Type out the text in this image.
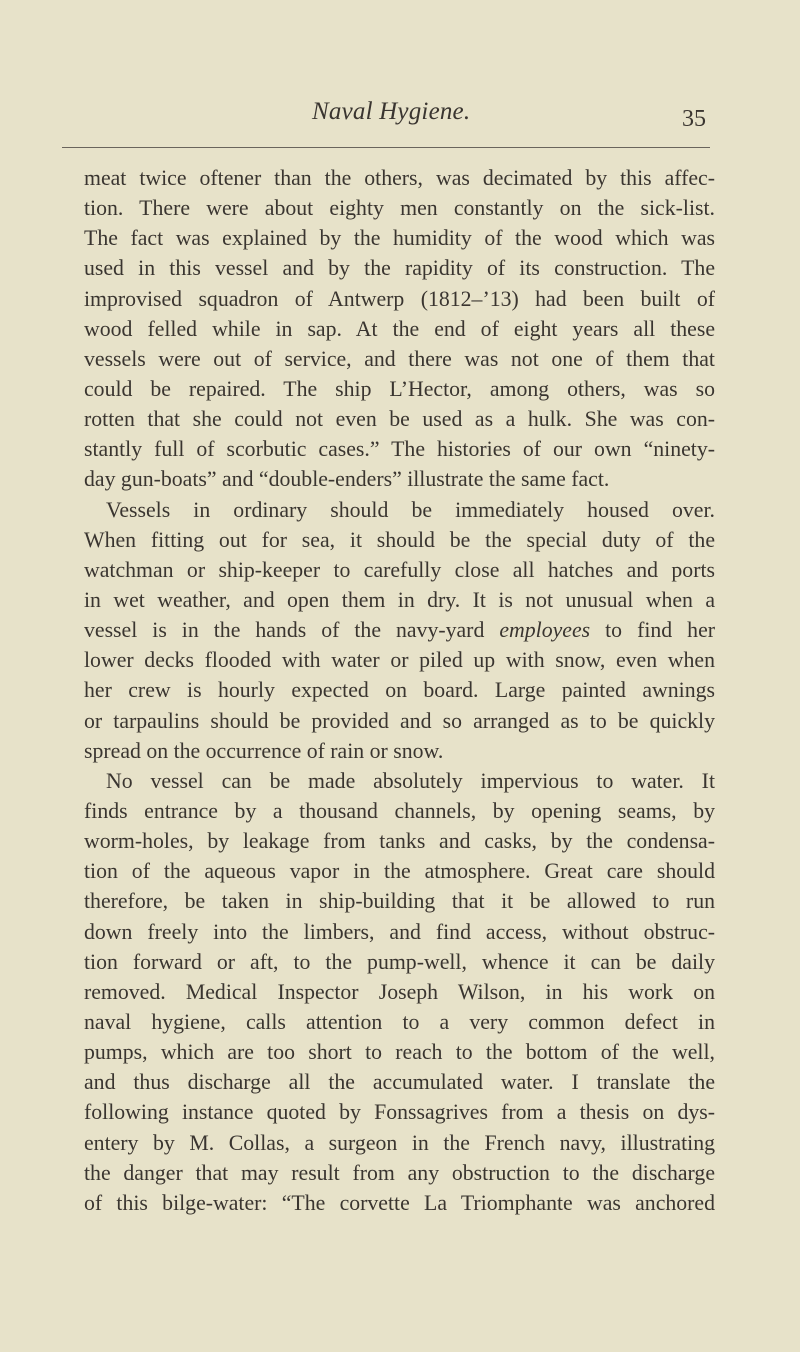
Naval Hygiene.	35
meat twice oftener than the others, was decimated by this affec-
tion. There were about eighty men constantly on the sick-list.
The fact was explained by the humidity of the wood which was
used in this vessel and by the rapidity of its construction. The
improvised squadron of Antwerp (1812–’13) had been built of
wood felled while in sap. At the end of eight years all these
vessels were out of service, and there was not one of them that
could be repaired. The ship L’Hector, among others, was so
rotten that she could not even be used as a hulk. She was con-
stantly full of scorbutic cases.” The histories of our own “ninety-
day gun-boats” and “double-enders” illustrate the same fact.
Vessels in ordinary should be immediately housed over.
When fitting out for sea, it should be the special duty of the
watchman or ship-keeper to carefully close all hatches and ports
in wet weather, and open them in dry. It is not unusual when a
vessel is in the hands of the navy-yard employees to find her
lower decks flooded with water or piled up with snow, even when
her crew is hourly expected on board. Large painted awnings
or tarpaulins should be provided and so arranged as to be quickly
spread on the occurrence of rain or snow.
No vessel can be made absolutely impervious to water. It
finds entrance by a thousand channels, by opening seams, by
worm-holes, by leakage from tanks and casks, by the condensa-
tion of the aqueous vapor in the atmosphere. Great care should
therefore, be taken in ship-building that it be allowed to run
down freely into the limbers, and find access, without obstruc-
tion forward or aft, to the pump-well, whence it can be daily
removed. Medical Inspector Joseph Wilson, in his work on
naval hygiene, calls attention to a very common defect in
pumps, which are too short to reach to the bottom of the well,
and thus discharge all the accumulated water. I translate the
following instance quoted by Fonssagrives from a thesis on dys-
entery by M. Collas, a surgeon in the French navy, illustrating
the danger that may result from any obstruction to the discharge
of this bilge-water: “The corvette La Triomphante was anchored
